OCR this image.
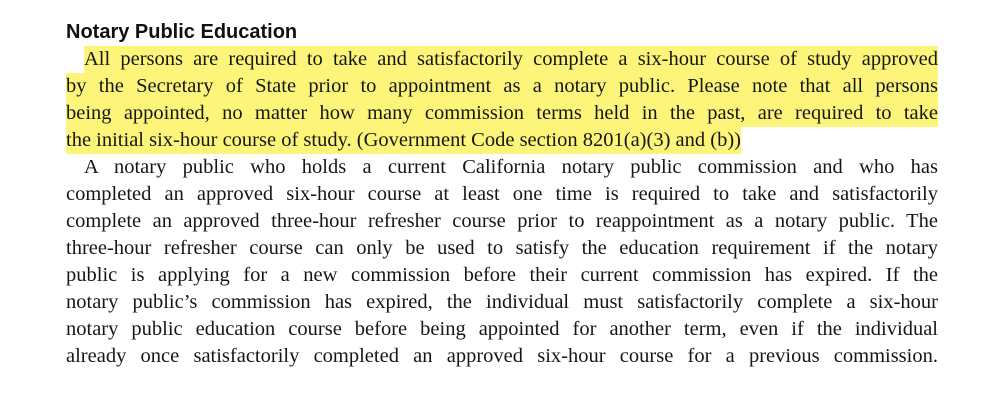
Notary Public Education
All persons are required to take and satisfactorily complete a six-hour course of study approved
by the Secretary of State prior to appointment as a notary public. Please note that all persons
being appointed, no matter how many commission terms held in the past, are required to take
the initial six-hour course of study. (Government Code section 8201(a)(3) and (b))
A notary public who holds a current California notary public commission and who has
completed an approved six-hour course at least one time is required to take and satisfactorily
complete an approved three-hour refresher course prior to reappointment as a notary public. The
three-hour refresher course can only be used to satisfy the education requirement if the notary
public is applying for a new commission before their current commission has expired. If the
notary public’s commission has expired, the individual must satisfactorily complete a six-hour
notary public education course before being appointed for another term, even if the individual
already once satisfactorily completed an approved six-hour course for a previous commission.
